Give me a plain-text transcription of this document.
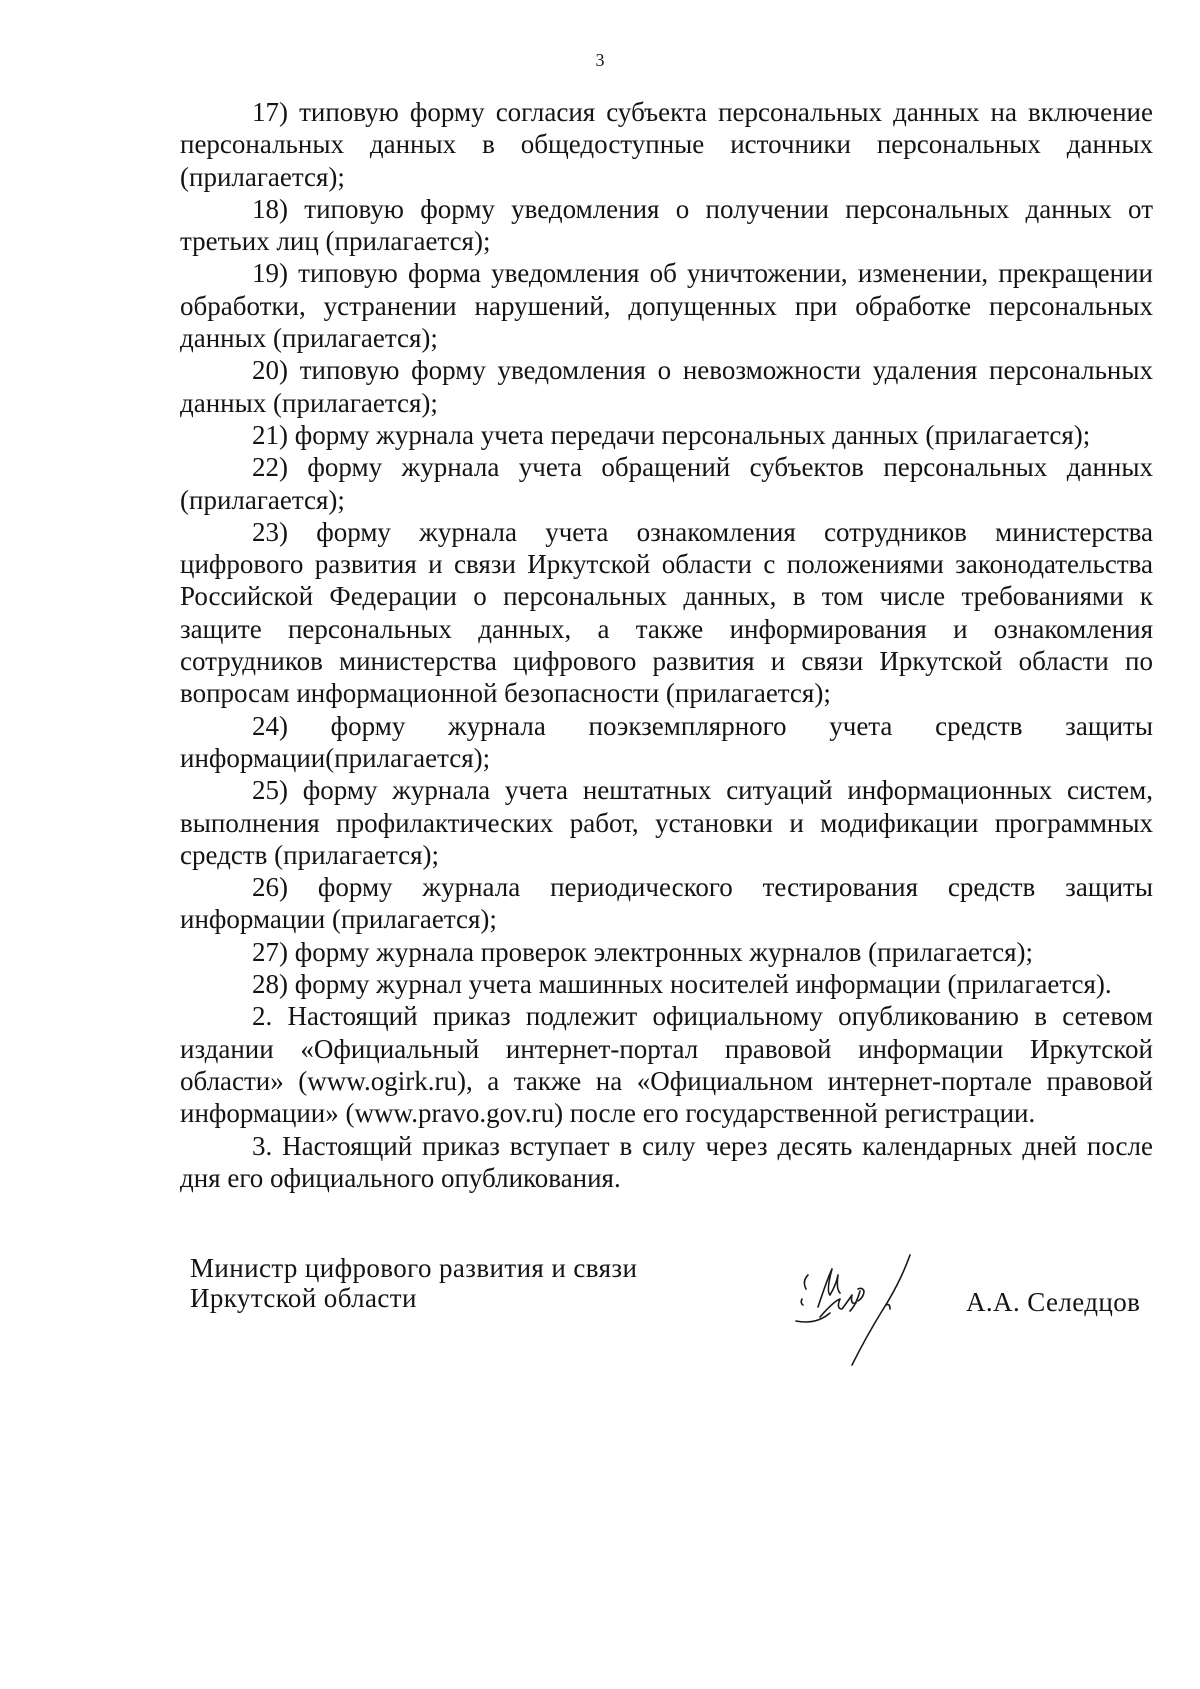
3

17) типовую форму согласия субъекта персональных данных на включение персональных данных в общедоступные источники персональных данных (прилагается);

18) типовую форму уведомления о получении персональных данных от третьих лиц (прилагается);

19) типовую форма уведомления об уничтожении, изменении, прекращении обработки, устранении нарушений, допущенных при обработке персональных данных (прилагается);

20) типовую форму уведомления о невозможности удаления персональных данных (прилагается);

21) форму журнала учета передачи персональных данных (прилагается);

22) форму журнала учета обращений субъектов персональных данных (прилагается);

23) форму журнала учета ознакомления сотрудников министерства цифрового развития и связи Иркутской области с положениями законодательства Российской Федерации о персональных данных, в том числе требованиями к защите персональных данных, а также информирования и ознакомления сотрудников министерства цифрового развития и связи Иркутской области по вопросам информационной безопасности (прилагается);

24) форму журнала поэкземплярного учета средств защиты информации(прилагается);

25) форму журнала учета нештатных ситуаций информационных систем, выполнения профилактических работ, установки и модификации программных средств (прилагается);

26) форму журнала периодического тестирования средств защиты информации (прилагается);

27) форму журнала проверок электронных журналов (прилагается);

28) форму журнал учета машинных носителей информации (прилагается).

2. Настоящий приказ подлежит официальному опубликованию в сетевом издании «Официальный интернет-портал правовой информации Иркутской области» (www.ogirk.ru), а также на «Официальном интернет-портале правовой информации» (www.pravo.gov.ru) после его государственной регистрации.

3. Настоящий приказ вступает в силу через десять календарных дней после дня его официального опубликования.

Министр цифрового развития и связи
Иркутской области	А.А. Селедцов
